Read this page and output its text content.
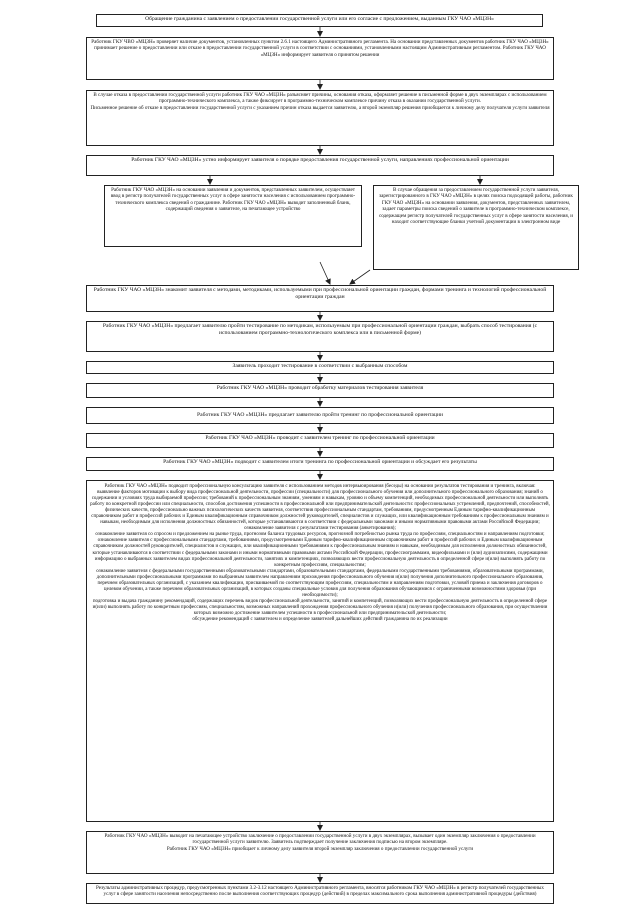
Обращение гражданина с заявлением о предоставлении государственной услуги или его согласие с предложением, выданным ГКУ ЧАО «МЦЗН»

Работник ГКУ ЧВО «МЦЗН» проверяет наличие документов, установленных пунктом 2.6.1 настоящего Административного регламента. На основании представленных документов работник ГКУ ЧАО «МЦЗН» принимает решение о предоставлении или отказе в предоставлении государственной услуги в соответствии с основаниями, установленными настоящим Административным регламентом. Работник ГКУ ЧАО «МЦЗН» информирует заявителя о принятом решении

В случае отказа в предоставлении государственной услуги работник ГКУ ЧАО «МЦЗН» разъясняет причины, основания отказа, оформляет решение в письменной форме в двух экземплярах с использованием программно-технического комплекса, а также фиксирует в программно-техническом комплексе причину отказа в оказании государственной услуги.

Письменное решение об отказе в предоставлении государственной услуги с указанием причин отказа выдается заявителю, а второй экземпляр решения приобщается к личному делу получателя услуги заявителя

Работник ГКУ ЧАО «МЦЗН» устно информирует заявителя о порядке предоставления государственной услуги, направлениях профессиональной ориентации

Работник ГКУ ЧАО «МЦЗН» на основании заявления и документов, представленных заявителем, осуществляет ввод в регистр получателей государственных услуг в сфере занятости населения с использованием программно-технического комплекса сведений о гражданине. Работник ГКУ ЧАО «МЦЗН» выводит заполненный бланк, содержащий сведения о заявителе, на печатающее устройство

В случае обращения за предоставлением государственной услуги заявителя, зарегистрированного в ГКУ ЧАО «МЦЗН» в целях поиска подходящей работы, работник ГКУ ЧАО «МЦЗН» на основании заявления, документов, представленных заявителем, задает параметры поиска сведений о заявителе в программно-техническом комплексе, содержащем регистр получателей государственных услуг в сфере занятости населения, и находит соответствующие бланки учетной документации в электронном виде

Работник ГКУ ЧАО «МЦЗН» знакомит заявителя с методами, методиками, используемыми при профессиональной ориентации граждан, формами тренинга и технологий профессиональной ориентации граждан

Работник ГКУ ЧАО «МЦЗН» предлагает заявителю пройти тестирование по методикам, используемым при профессиональной ориентации граждан, выбрать способ тестирования (с использованием программно-технологического комплекса или в письменной форме)

Заявитель проходит тестирование в соответствии с выбранным способом

Работник ГКУ ЧАО «МЦЗН» проводит обработку материалов тестирования заявителя

Работник ГКУ ЧАО «МЦЗН» предлагает заявителю пройти тренинг по профессиональной ориентации

Работник ГКУ ЧАО «МЦЗН» проводит с заявителем тренинг по профессиональной ориентации

Работник ГКУ ЧАО «МЦЗН» подводит с заявителем итоги тренинга по профессиональной ориентации и обсуждает его результаты

Работник ГКУ ЧАО «МЦЗН» подводит профессиональную консультацию заявителя с использованием методов интервьюирования (беседы) на основании результатов тестирования и тренинга, включая:

выявление факторов мотивации к выбору вида профессиональной деятельности, профессии (специальности) для профессионального обучения или дополнительного профессионального образования; знаний о содержании и условиях труда выбираемой профессии; требований к профессиональным знаниям, умениям и навыкам, уровню и объему компетенций, необходимых профессиональной деятельности или выполнять работу по конкретной профессии или специальности, способов достижения успешности в профессиональной или предпринимательской деятельности: профессиональных устремлений, предпочтений, способностей, физических качеств, профессионально важных психологических качеств заявителя, соответствия профессиональным стандартам, требованиям, предусмотренным Единым тарифно-квалификационным справочником работ и профессий рабочих и Единым квалификационным справочником должностей руководителей, специалистов и служащих, или квалификационным требованиям к профессиональным знаниям и навыкам, необходимым для исполнения должностных обязанностей, которые устанавливаются в соответствии с федеральными законами и иными нормативными правовыми актами Российской Федерации;

ознакомление заявителя с результатами тестирования (анкетирования);

ознакомление заявителя со спросом и предложением на рынке труда, прогнозом баланса трудовых ресурсов, прогнозной потребностью рынка труда по профессиям, специальностям и направлениям подготовки;

ознакомление заявителя с профессиональными стандартами, требованиями, предусмотренными Единым тарифно-квалификационным справочником работ и профессий рабочих и Единым квалификационным справочником должностей руководителей, специалистов и служащих, или квалификационными требованиями к профессиональным знаниям и навыкам, необходимым для исполнения должностных обязанностей, которые устанавливаются в соответствии с федеральными законами и иными нормативными правовыми актами Российской Федерации, профессиограммами, видеофильмами и (или) аудиозаписями, содержащими информацию о выбранных заявителем видах профессиональной деятельности, занятиях и компетенциях, позволяющих вести профессиональную деятельность в определенной сфере и(или) выполнять работу по конкретным профессиям, специальностям;

ознакомление заявителя с федеральными государственными образовательными стандартами, образовательными стандартами, федеральными государственными требованиями, образовательными программами, дополнительными профессиональными программами по выбранным заявителем направлениям прохождения профессионального обучения и(или) получения дополнительного профессионального образования, перечнем образовательных организаций, с указанием квалификации, присваиваемой по соответствующим профессиям, специальностям и направлениям подготовки, условий приема и заключения договоров о целевом обучении, а также перечнем образовательных организаций, в которых созданы специальные условия для получения образования обучающимися с ограниченными возможностями здоровья (при необходимости);

подготовка и выдача гражданину рекомендаций, содержащих перечень видов профессиональной деятельности, занятий и компетенций, позволяющих вести профессиональную деятельность в определенной сфере и(или) выполнять работу по конкретным профессиям, специальностям, возможных направлений прохождения профессионального обучения и(или) получения профессионального образования, при осуществлении которых возможно достижение заявителем успешности в профессиональной или предпринимательской деятельности;

обсуждение рекомендаций с заявителем и определение заявителей дальнейших действий гражданина по их реализации

Работник ГКУ ЧАО «МЦЗН» выводит на печатающее устройство заключение о предоставлении государственной услуги в двух экземплярах, вызывает один экземпляр заключения о предоставлении государственной услуги заявителю. Заявитель подтверждает получение заключения подписью на втором экземпляре.

Работник ГКУ ЧАО «МЦЗН» приобщает к личному делу заявителя второй экземпляр заключения о предоставлении государственной услуги

Результаты административных процедур, предусмотренных пунктами 3.2-3.12 настоящего Административного регламента, вносятся работником ГКУ ЧАО «МЦЗН» в регистр получателей государственных услуг в сфере занятости населения непосредственно после выполнения соответствующих процедур (действий) в пределах максимального срока выполнения административной процедуры (действия)
